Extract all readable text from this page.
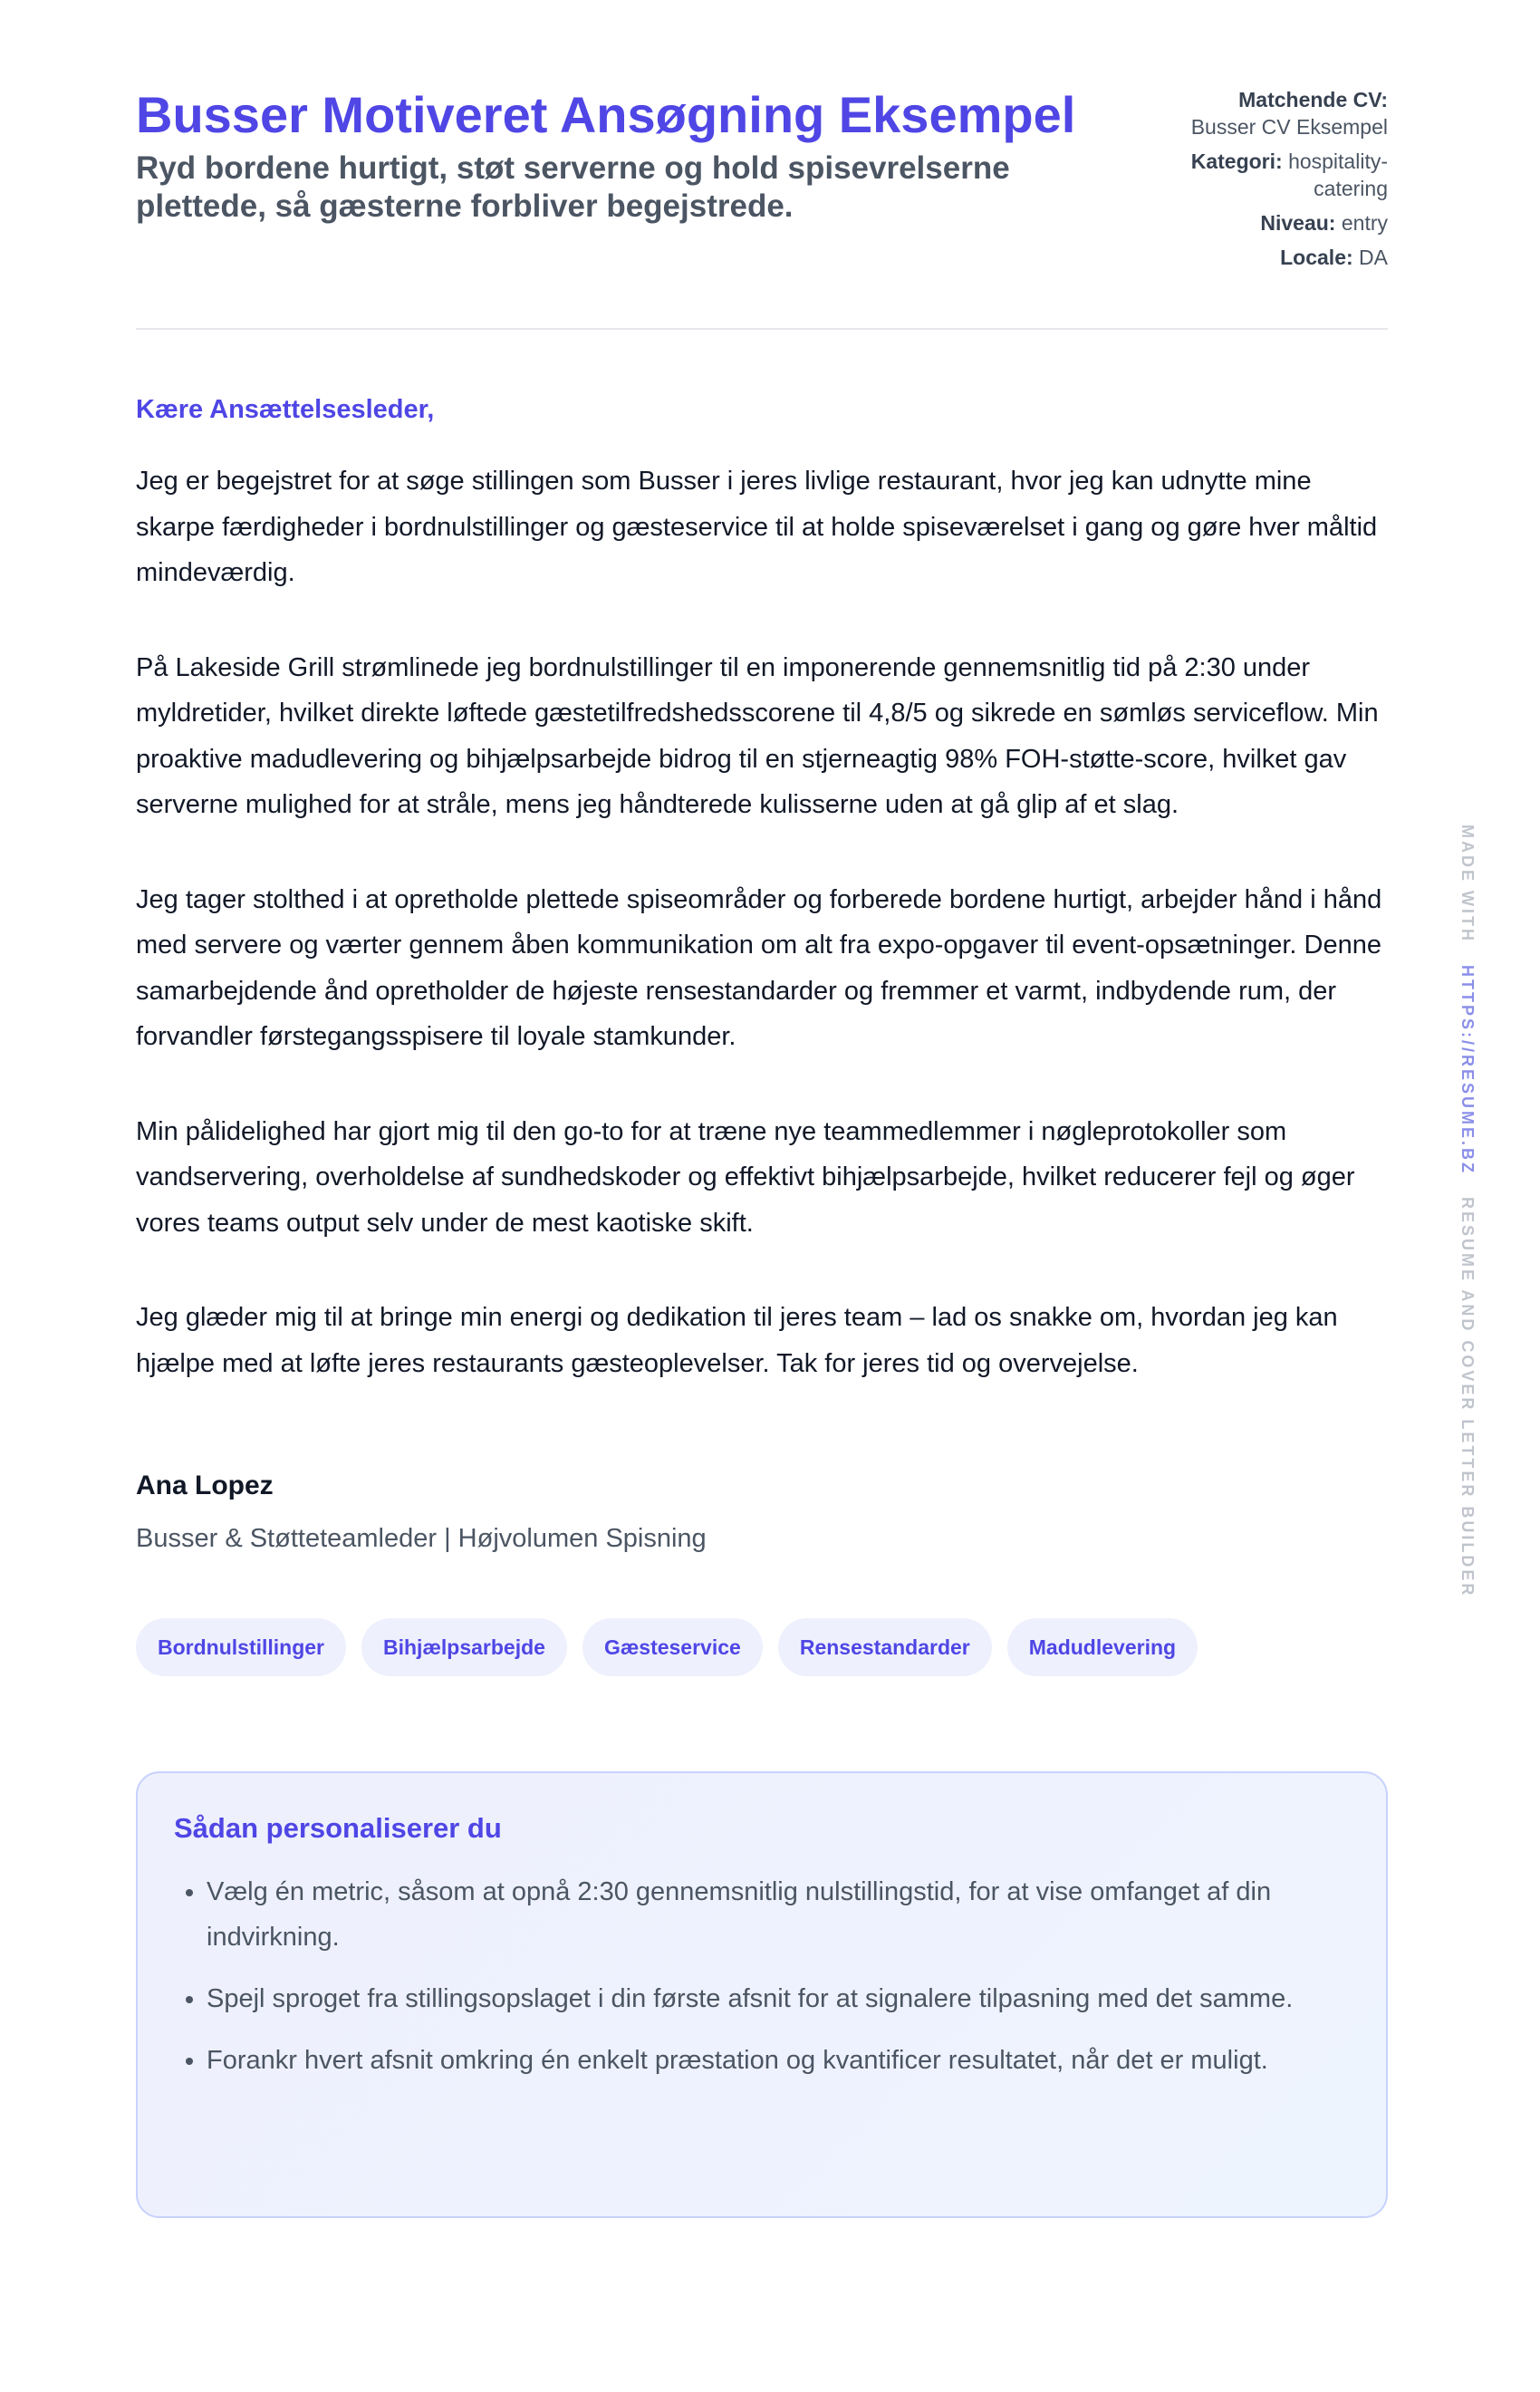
Busser Motiveret Ansøgning Eksempel

Ryd bordene hurtigt, støt serverne og hold spisevrelserne plettede, så gæsterne forbliver begejstrede.

Matchende CV:
Busser CV Eksempel
Kategori: hospitality-catering
Niveau: entry
Locale: DA

Kære Ansættelsesleder,

Jeg er begejstret for at søge stillingen som Busser i jeres livlige restaurant, hvor jeg kan udnytte mine skarpe færdigheder i bordnulstillinger og gæsteservice til at holde spiseværelset i gang og gøre hver måltid mindeværdig.

På Lakeside Grill strømlinede jeg bordnulstillinger til en imponerende gennemsnitlig tid på 2:30 under myldretider, hvilket direkte løftede gæstetilfredshedsscorene til 4,8/5 og sikrede en sømløs serviceflow. Min proaktive madudlevering og bihjælpsarbejde bidrog til en stjerneagtig 98% FOH-støtte-score, hvilket gav serverne mulighed for at stråle, mens jeg håndterede kulisserne uden at gå glip af et slag.

Jeg tager stolthed i at opretholde plettede spiseområder og forberede bordene hurtigt, arbejder hånd i hånd med servere og værter gennem åben kommunikation om alt fra expo-opgaver til event-opsætninger. Denne samarbejdende ånd opretholder de højeste rensestandarder og fremmer et varmt, indbydende rum, der forvandler førstegangsspisere til loyale stamkunder.

Min pålidelighed har gjort mig til den go-to for at træne nye teammedlemmer i nøgleprotokoller som vandservering, overholdelse af sundhedskoder og effektivt bihjælpsarbejde, hvilket reducerer fejl og øger vores teams output selv under de mest kaotiske skift.

Jeg glæder mig til at bringe min energi og dedikation til jeres team – lad os snakke om, hvordan jeg kan hjælpe med at løfte jeres restaurants gæsteoplevelser. Tak for jeres tid og overvejelse.

Ana Lopez
Busser & Støtteteamleder | Højvolumen Spisning
Bordnulstillinger	Bihjælpsarbejde	Gæsteservice	Rensestandarder	Madudlevering
Sådan personaliserer du
• Vælg én metric, såsom at opnå 2:30 gennemsnitlig nulstillingstid, for at vise omfanget af din indvirkning.
• Spejl sproget fra stillingsopslaget i din første afsnit for at signalere tilpasning med det samme.
• Forankr hvert afsnit omkring én enkelt præstation og kvantificer resultatet, når det er muligt.
MADE WITH   HTTPS://RESUME.BZ   RESUME AND COVER LETTER BUILDER
